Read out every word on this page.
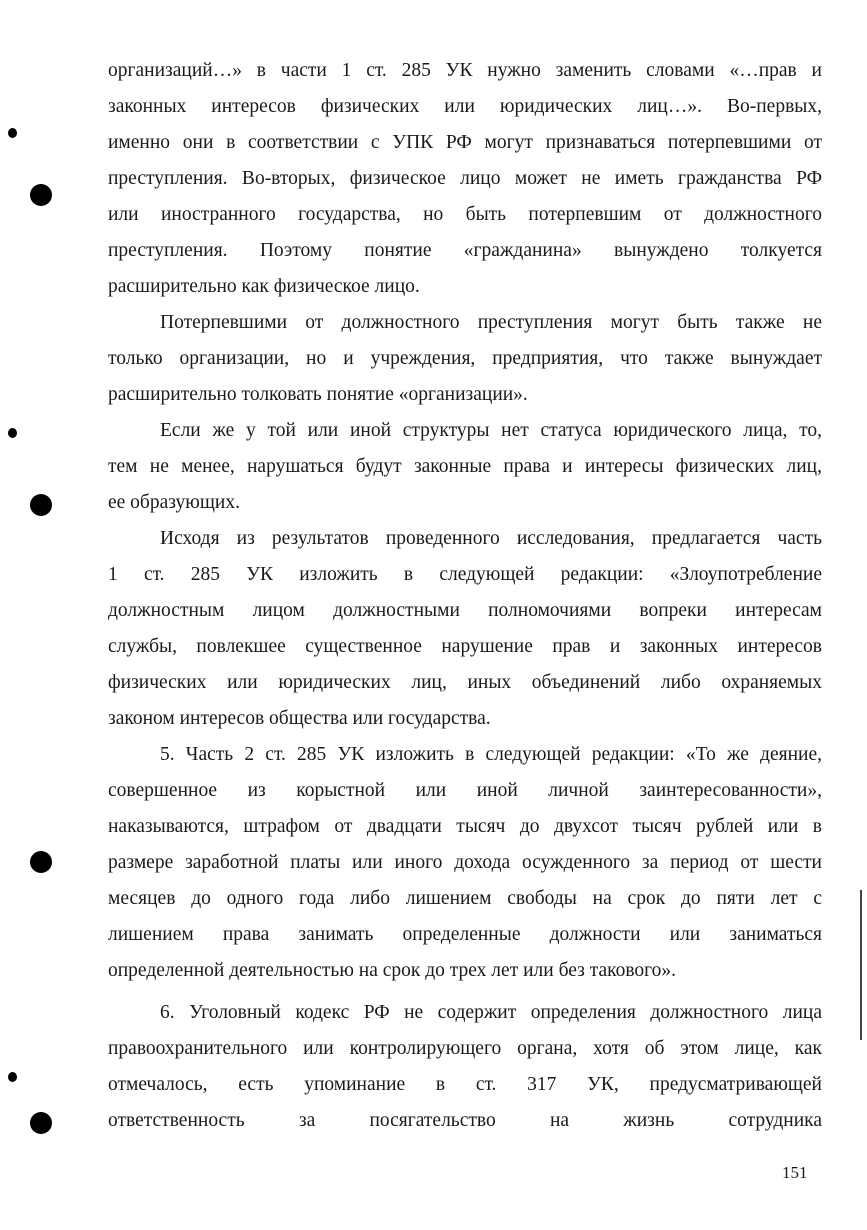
организаций…» в части 1 ст. 285 УК нужно заменить словами «…прав и
законных интересов физических или юридических лиц…». Во-первых,
именно они в соответствии с УПК РФ могут признаваться потерпевшими от
преступления. Во-вторых, физическое лицо может не иметь гражданства РФ
или иностранного государства, но быть потерпевшим от должностного
преступления. Поэтому понятие «гражданина» вынуждено толкуется
расширительно как физическое лицо.
Потерпевшими от должностного преступления могут быть также не
только организации, но и учреждения, предприятия, что также вынуждает
расширительно толковать понятие «организации».
Если же у той или иной структуры нет статуса юридического лица, то,
тем не менее, нарушаться будут законные права и интересы физических лиц,
ее образующих.
Исходя из результатов проведенного исследования, предлагается часть
1 ст. 285 УК изложить в следующей редакции: «Злоупотребление
должностным лицом должностными полномочиями вопреки интересам
службы, повлекшее существенное нарушение прав и законных интересов
физических или юридических лиц, иных объединений либо охраняемых
законом интересов общества или государства.
5. Часть 2 ст. 285 УК изложить в следующей редакции: «То же деяние,
совершенное из корыстной или иной личной заинтересованности»,
наказываются, штрафом от двадцати тысяч до двухсот тысяч рублей или в
размере заработной платы или иного дохода осужденного за период от шести
месяцев до одного года либо лишением свободы на срок до пяти лет с
лишением права занимать определенные должности или заниматься
определенной деятельностью на срок до трех лет или без такового».
6. Уголовный кодекс РФ не содержит определения должностного лица
правоохранительного или контролирующего органа, хотя об этом лице, как
отмечалось, есть упоминание в ст. 317 УК, предусматривающей
ответственность за посягательство на жизнь сотрудника
151
